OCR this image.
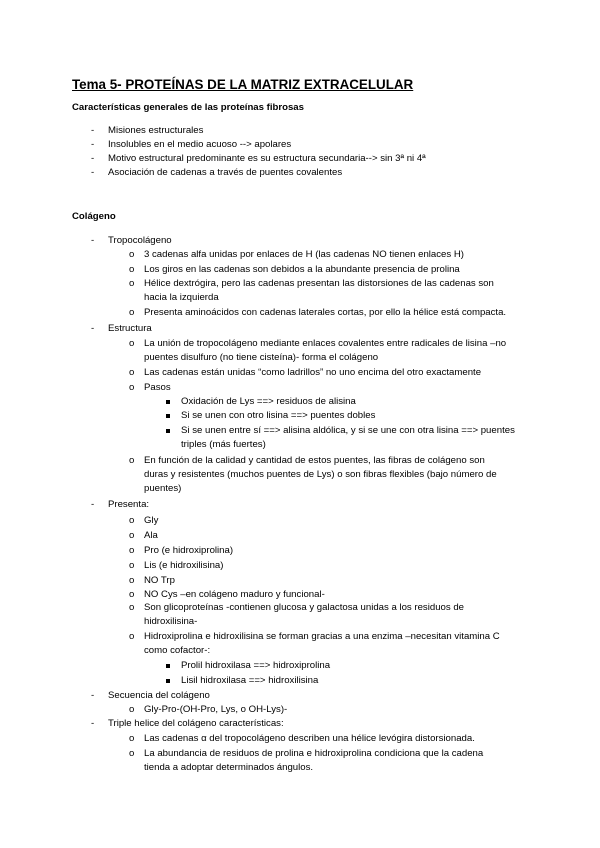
Tema 5- PROTEÍNAS DE LA MATRIZ EXTRACELULAR
Características generales de las proteínas fibrosas
- Misiones estructurales
- Insolubles en el medio acuoso --> apolares
- Motivo estructural predominante es su estructura secundaria--> sin 3ª ni 4ª
- Asociación de cadenas a través de puentes covalentes
Colágeno
- Tropocolágeno
o 3 cadenas alfa unidas por enlaces de H (las cadenas NO tienen enlaces H)
o Los giros en las cadenas son debidos a la abundante presencia de prolina
o Hélice dextrógira, pero las cadenas presentan las distorsiones de las cadenas son
hacia la izquierda
o Presenta aminoácidos con cadenas laterales cortas, por ello la hélice está compacta.
- Estructura
o La unión de tropocolágeno mediante enlaces covalentes entre radicales de lisina –no
puentes disulfuro (no tiene cisteína)- forma el colágeno
o Las cadenas están unidas “como ladrillos” no uno encima del otro exactamente
o Pasos
Oxidación de Lys ==> residuos de alisina
Si se unen con otro lisina ==> puentes dobles
Si se unen entre sí ==> alisina aldólica, y si se une con otra lisina ==> puentes
triples (más fuertes)
o En función de la calidad y cantidad de estos puentes, las fibras de colágeno son
duras y resistentes (muchos puentes de Lys) o son fibras flexibles (bajo número de
puentes)
- Presenta:
o Gly
o Ala
o Pro (e hidroxiprolina)
o Lis (e hidroxilisina)
o NO Trp
o NO Cys –en colágeno maduro y funcional-
o Son glicoproteínas -contienen glucosa y galactosa unidas a los residuos de
hidroxilisina-
o Hidroxiprolina e hidroxilisina se forman gracias a una enzima –necesitan vitamina C
como cofactor-:
Prolil hidroxilasa ==> hidroxiprolina
Lisil hidroxilasa ==> hidroxilisina
- Secuencia del colágeno
o Gly-Pro-(OH-Pro, Lys, o OH-Lys)-
- Triple helice del colágeno características:
o Las cadenas α del tropocolágeno describen una hélice levógira distorsionada.
o La abundancia de residuos de prolina e hidroxiprolina condiciona que la cadena
tienda a adoptar determinados ángulos.
